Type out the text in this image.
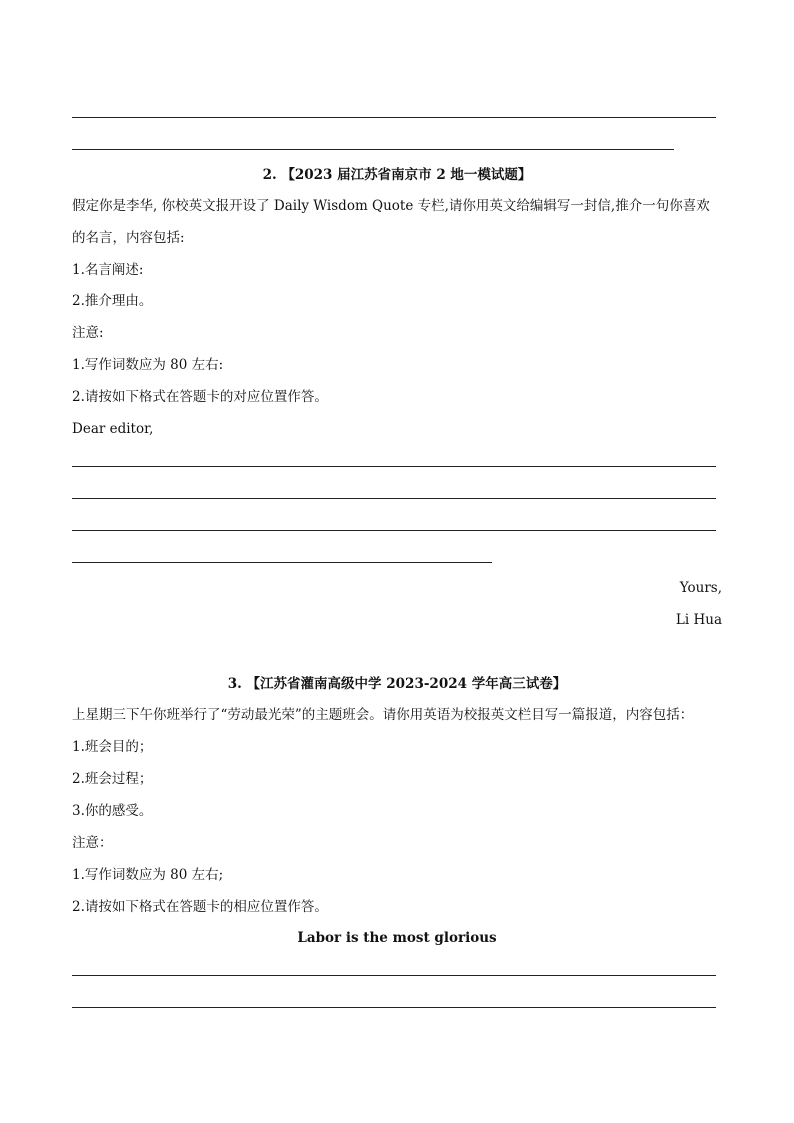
2. 【2023 届江苏省南京市 2 地一模试题】
假定你是李华, 你校英文报开设了 Daily Wisdom Quote 专栏,请你用英文给编辑写一封信,推介一句你喜欢
的名言，内容包括:
1.名言阐述:
2.推介理由。
注意:
1.写作词数应为 80 左右:
2.请按如下格式在答题卡的对应位置作答。
Dear editor,
Yours,
Li Hua
3. 【江苏省灌南高级中学 2023-2024 学年高三试卷】
上星期三下午你班举行了“劳动最光荣”的主题班会。请你用英语为校报英文栏目写一篇报道，内容包括：
1.班会目的；
2.班会过程；
3.你的感受。
注意：
1.写作词数应为 80 左右;
2.请按如下格式在答题卡的相应位置作答。
Labor is the most glorious
